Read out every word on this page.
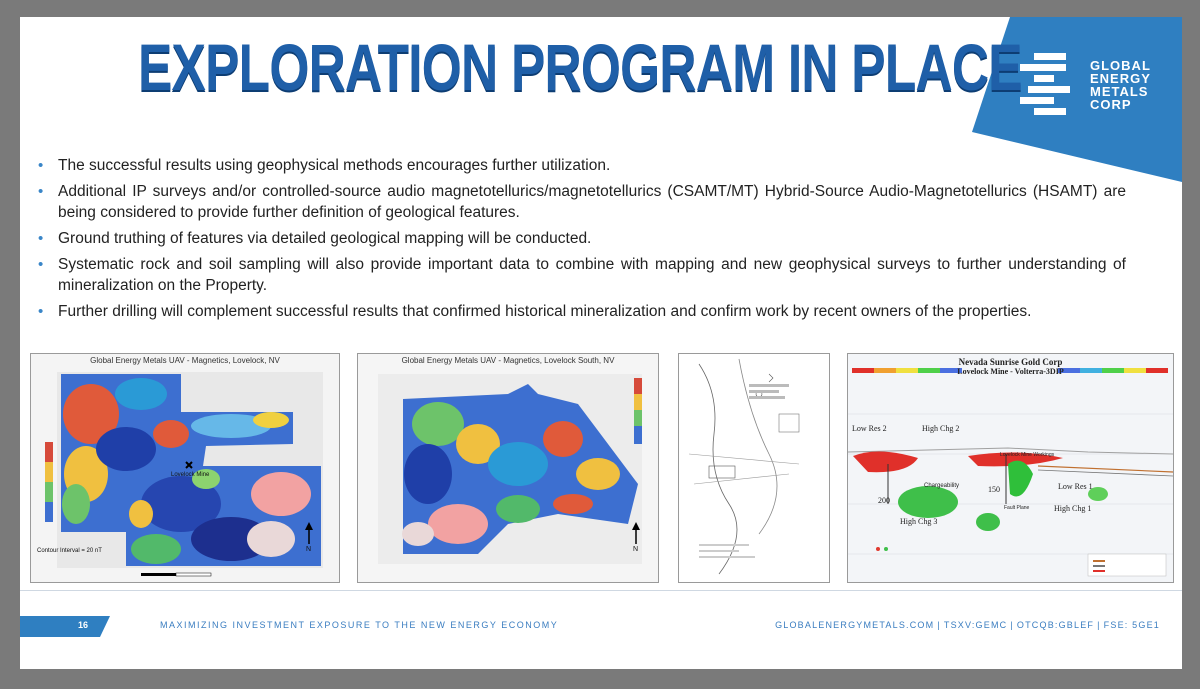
GLOBAL
ENERGY
METALS
CORP
EXPLORATION PROGRAM IN PLACE
• The successful results using geophysical methods encourages further utilization.
• Additional IP surveys and/or controlled-source audio magnetotellurics/magnetotellurics (CSAMT/MT) Hybrid-Source Audio-Magnetotellurics (HSAMT) are being considered to provide further definition of geological features.
• Ground truthing of features via detailed geological mapping will be conducted.
• Systematic rock and soil sampling will also provide important data to combine with mapping and new geophysical surveys to further understanding of mineralization on the Property.
• Further drilling will complement successful results that confirmed historical mineralization and confirm work by recent owners of the properties.
Global Energy Metals UAV - Magnetics, Lovelock, NV
Lovelock Mine
Contour Interval = 20 nT	N
Global Energy Metals UAV - Magnetics, Lovelock South, NV
N
Nevada Sunrise Gold Corp
Lovelock Mine - Volterra-3DIP
Low Res 2	High Chg 2
Lovelock Mine Workings
Low Res 1
Chargeability
Fault Plane	High Chg 1
High Chg 3
200
150
16	MAXIMIZING INVESTMENT EXPOSURE TO THE NEW ENERGY ECONOMY	GLOBALENERGYMETALS.COM | TSXV:GEMC | OTCQB:GBLEF | FSE: 5GE1
